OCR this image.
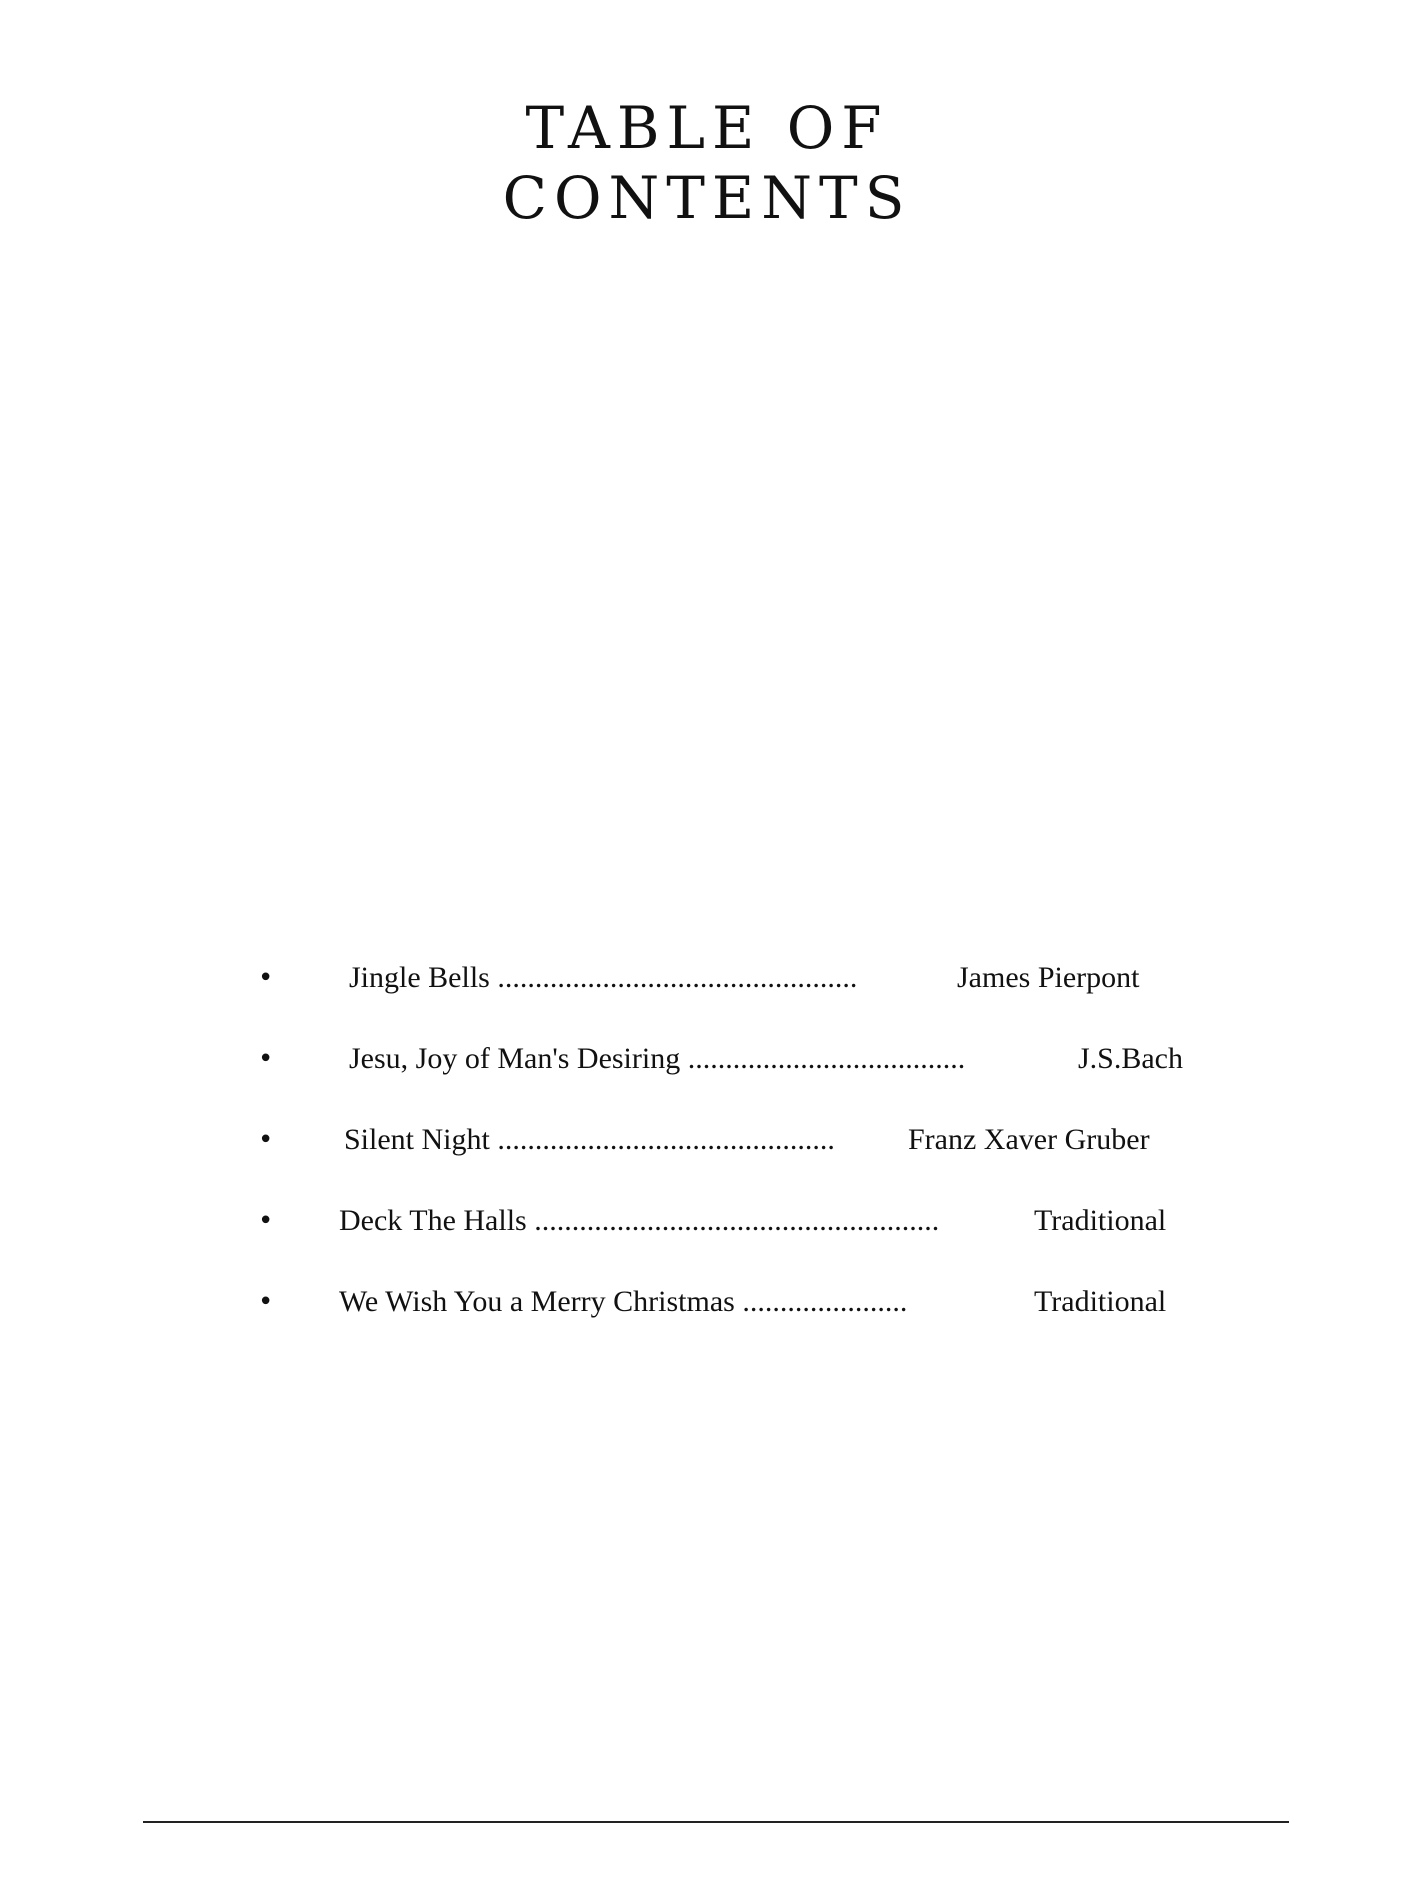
TABLE OF
CONTENTS
•	Jingle Bells ................................................	James Pierpont
•	Jesu, Joy of Man's Desiring .....................................	J.S.Bach
• Silent Night ............................................. Franz Xaver Gruber
• Deck The Halls ......................................................	Traditional
• We Wish You a Merry Christmas ......................	Traditional
